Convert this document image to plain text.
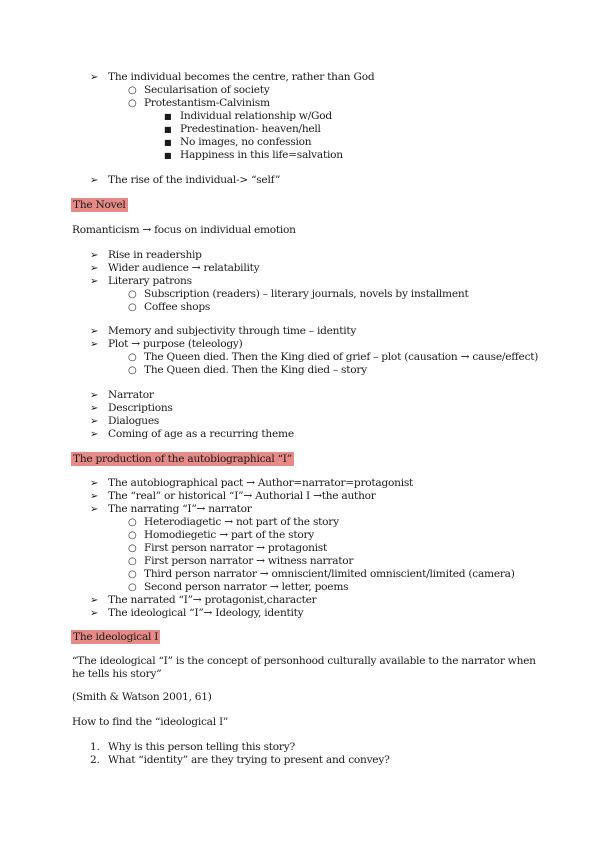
➢ The individual becomes the centre, rather than God
○ Secularisation of society
○ Protestantism-Calvinism
■ Individual relationship w/God
■ Predestination- heaven/hell
■ No images, no confession
■ Happiness in this life=salvation
➢ The rise of the individual-> “self”
The Novel
Romanticism → focus on individual emotion
➢ Rise in readership
➢ Wider audience → relatability
➢ Literary patrons
○ Subscription (readers) – literary journals, novels by installment
○ Coffee shops
➢ Memory and subjectivity through time – identity
➢ Plot → purpose (teleology)
○ The Queen died. Then the King died of grief – plot (causation → cause/effect)
○ The Queen died. Then the King died – story
➢ Narrator
➢ Descriptions
➢ Dialogues
➢ Coming of age as a recurring theme
The production of the autobiographical “I”
➢ The autobiographical pact → Author=narrator=protagonist
➢ The “real” or historical “I”→ Authorial I →the author
➢ The narrating “I”→ narrator
○ Heterodiagetic → not part of the story
○ Homodiegetic → part of the story
○ First person narrator → protagonist
○ First person narrator → witness narrator
○ Third person narrator → omniscient/limited omniscient/limited (camera)
○ Second person narrator → letter, poems
➢ The narrated “I”→ protagonist,character
➢ The ideological “I”→ Ideology, identity
The ideological I
“The ideological “I” is the concept of personhood culturally available to the narrator when he tells his story”
(Smith & Watson 2001, 61)
How to find the “ideological I”
1. Why is this person telling this story?
2. What “identity” are they trying to present and convey?
